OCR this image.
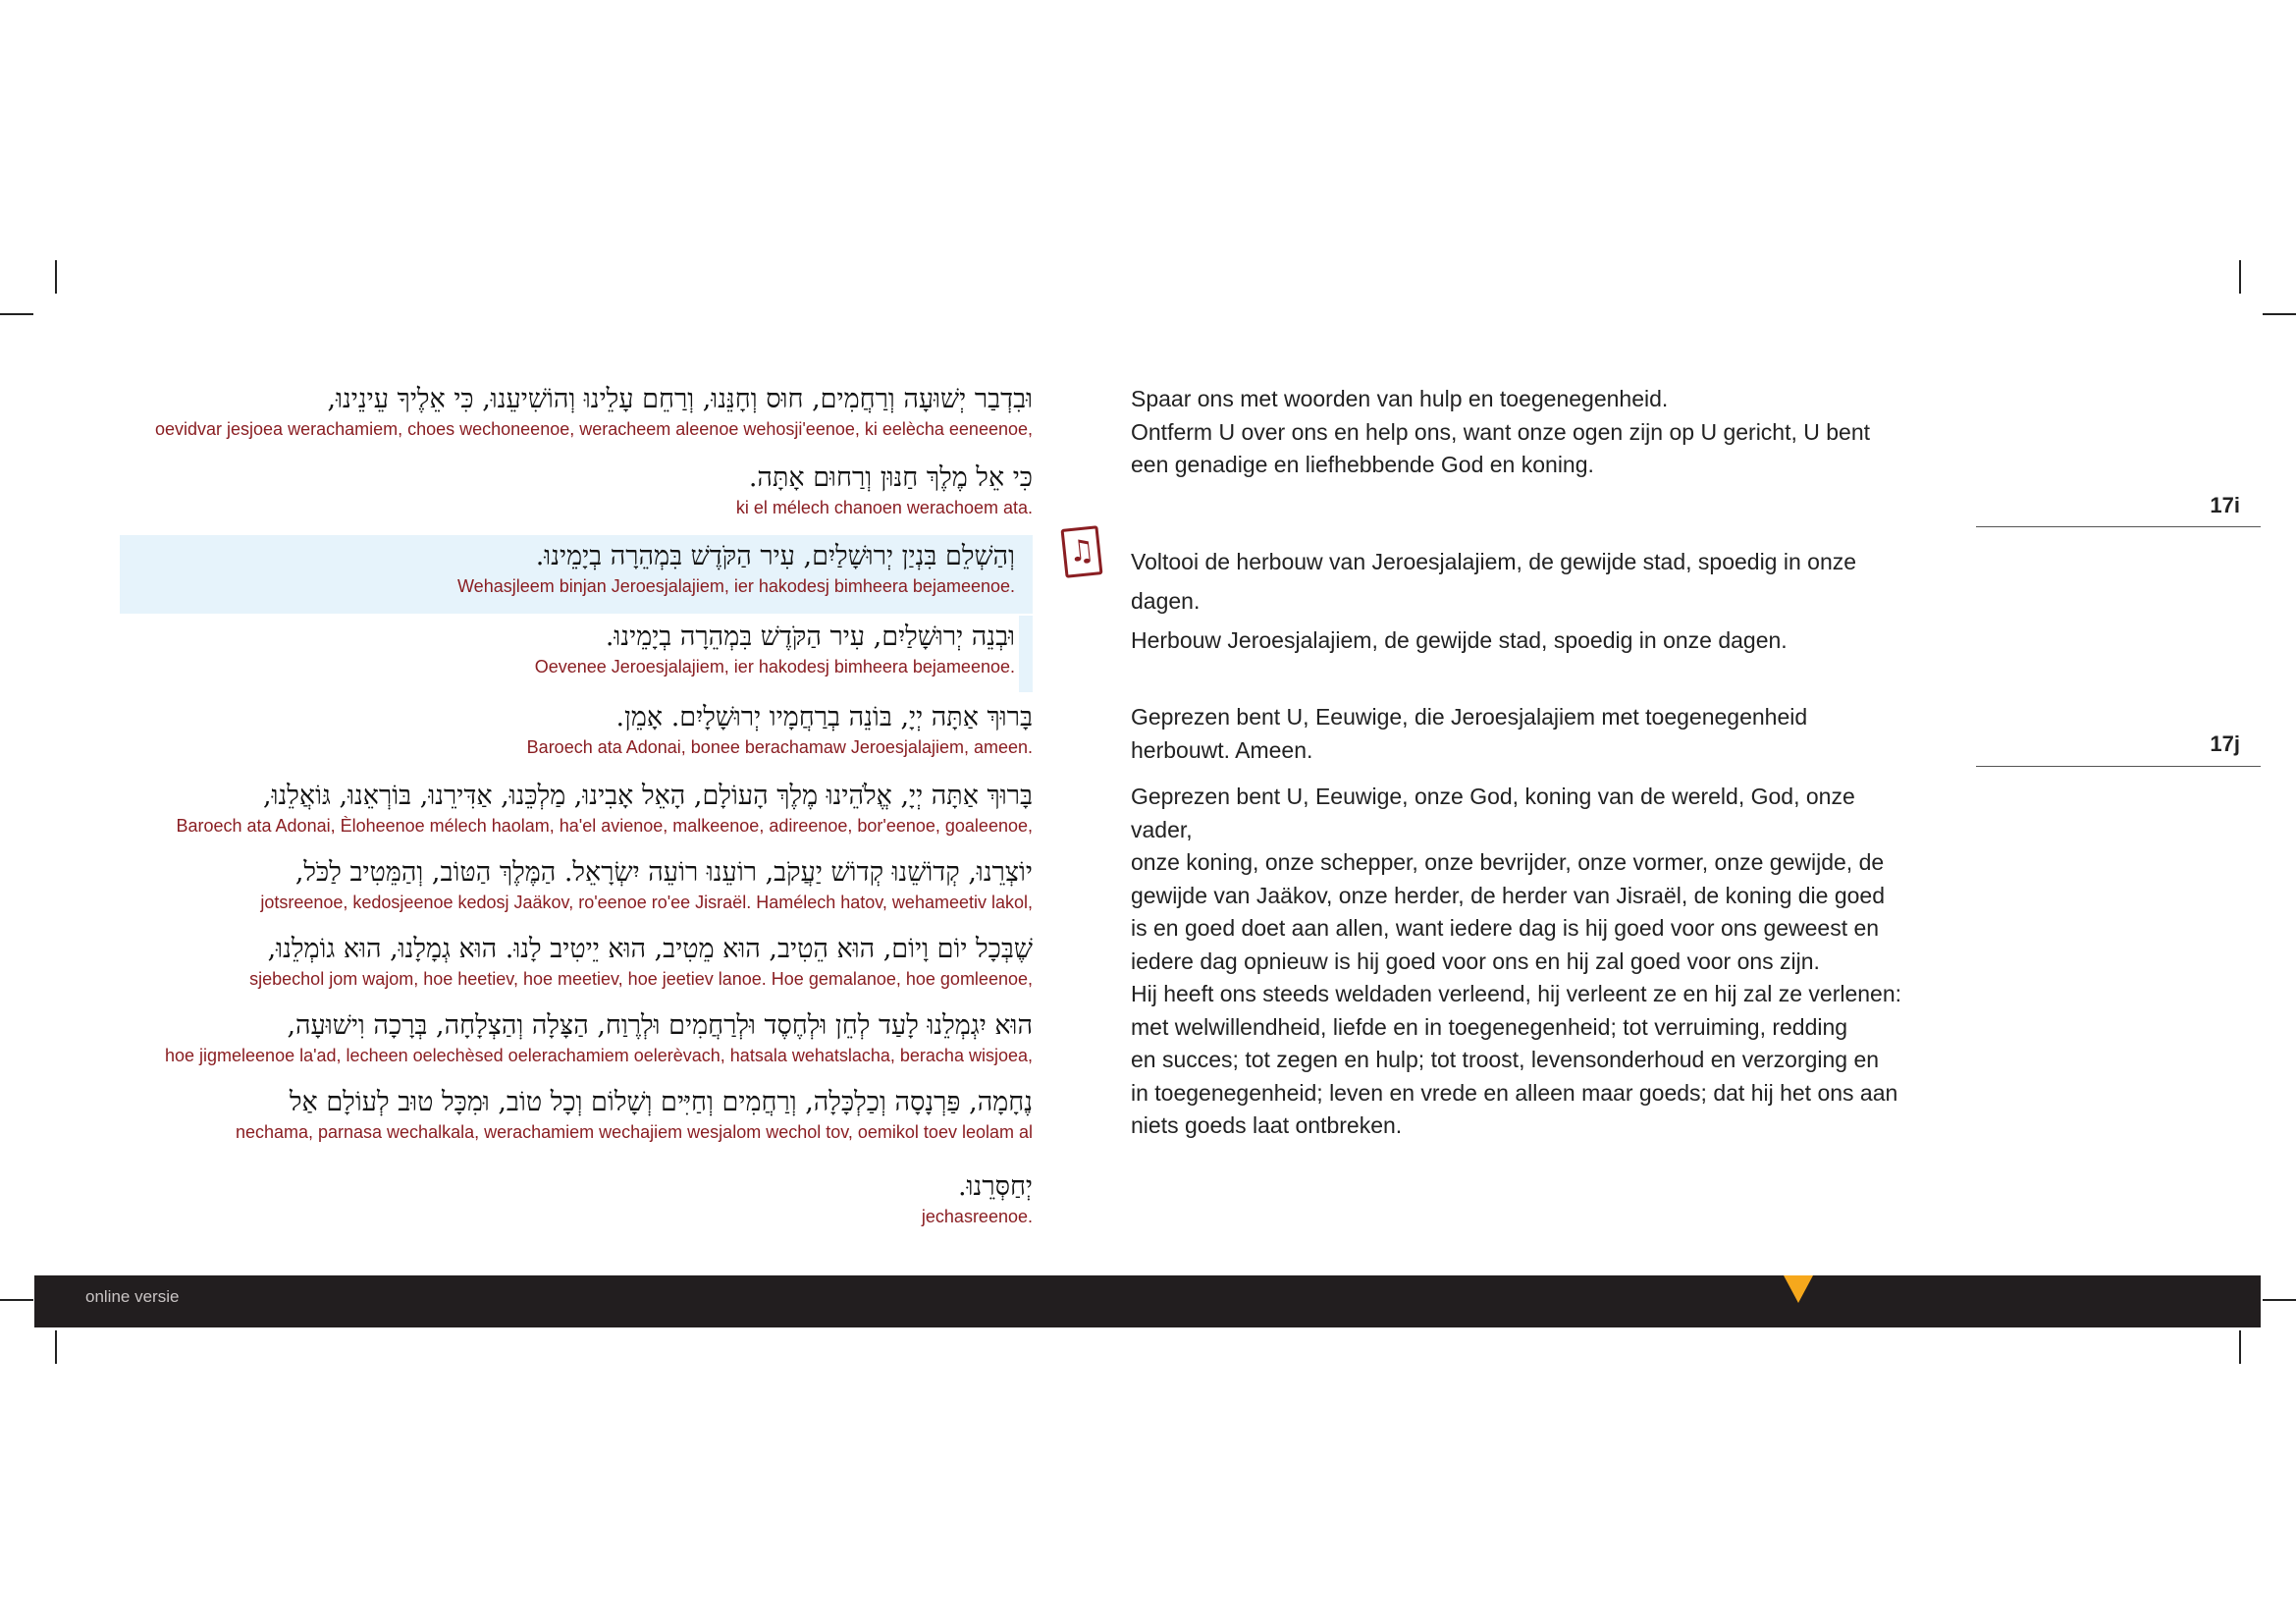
וּבִדְבַר יְשׁוּעָה וְרַחֲמִים, חוּס וְחָנֵּנוּ, וְרַחֵם עָלֵינוּ וְהוֹשִׁיעֵנוּ, כִּי אֵלֶיךָ עֵינֵינוּ,
oevidvar jesjoea werachamiem, choes wechoneenoe, weracheem aleenoe wehosji'eenoe, ki eelècha eeneenoe,
כִּי אֵל מֶלֶךְ חַנּוּן וְרַחוּם אָתָּה.
ki el mélech chanoen werachoem ata.
וְהַשְׁלֵם בִּנְיַן יְרוּשָׁלַיִם, עִיר הַקֹּדֶשׁ בִּמְהֵרָה בְיָמֵינוּ.
Wehasjleem binjan Jeroesjalajiem, ier hakodesj bimheera bejameenoe.
וּבְנֵה יְרוּשָׁלַיִם, עִיר הַקֹּדֶשׁ בִּמְהֵרָה בְיָמֵינוּ.
Oevenee Jeroesjalajiem, ier hakodesj bimheera bejameenoe.
בָּרוּךְ אַתָּה יְיָ, בּוֹנֵה בְרַחֲמָיו יְרוּשָׁלָיִם. אָמֵן.
Baroech ata Adonai, bonee berachamaw Jeroesjalajiem, ameen.
בָּרוּךְ אַתָּה יְיָ, אֱלֹהֵינוּ מֶלֶךְ הָעוֹלָם, הָאֵל אָבִינוּ, מַלְכֵּנוּ, אַדִּירֵנוּ, בּוֹרְאֵנוּ, גּוֹאֲלֵנוּ,
Baroech ata Adonai, Èloheenoe mélech haolam, ha'el avienoe, malkeenoe, adireenoe, bor'eenoe, goaleenoe,
יוֹצְרֵנוּ, קְדוֹשֵׁנוּ קְדוֹשׁ יַעֲקֹב, רוֹעֵנוּ רוֹעֵה יִשְׂרָאֵל. הַמֶּלֶךְ הַטּוֹב, וְהַמֵּטִיב לַכֹּל,
jotsreenoe, kedosjeenoe kedosj Jaäkov, ro'eenoe ro'ee Jisraël. Hamélech hatov, wehameetiv lakol,
שֶׁבְּכָל יוֹם וָיוֹם, הוּא הֵטִיב, הוּא מֵטִיב, הוּא יֵיטִיב לָנוּ. הוּא גְמָלָנוּ, הוּא גוֹמְלֵנוּ,
sjebechol jom wajom, hoe heetiev, hoe meetiev, hoe jeetiev lanoe. Hoe gemalanoe, hoe gomleenoe,
הוּא יִגְמְלֵנוּ לָעַד לְחֵן וּלְחֶסֶד וּלְרַחֲמִים וּלְרֶוַח, הַצָּלָה וְהַצְלָחָה, בְּרָכָה וִישׁוּעָה,
hoe jigmeleenoe la'ad, lecheen oelechèsed oelerachamiem oelerèvach, hatsala wehatslacha, beracha wisjoea,
נֶחָמָה, פַּרְנָסָה וְכַלְכָּלָה, וְרַחֲמִים וְחַיִּים וְשָׁלוֹם וְכָל טוֹב, וּמִכָּל טוּב לְעוֹלָם אַל
nechama, parnasa wechalkala, werachamiem wechajiem wesjalom wechol tov, oemikol toev leolam al
יְחַסְּרֵנוּ.
jechasreenoe.
♫
Spaar ons met woorden van hulp en toegenegenheid.
Ontferm U over ons en help ons, want onze ogen zijn op U gericht, U bent
een genadige en liefhebbende God en koning.
Voltooi de herbouw van Jeroesjalajiem, de gewijde stad, spoedig in onze
dagen.
Herbouw Jeroesjalajiem, de gewijde stad, spoedig in onze dagen.
Geprezen bent U, Eeuwige, die Jeroesjalajiem met toegenegenheid
herbouwt. Ameen.
Geprezen bent U, Eeuwige, onze God, koning van de wereld, God, onze vader,
onze koning, onze schepper, onze bevrijder, onze vormer, onze gewijde, de
gewijde van Jaäkov, onze herder, de herder van Jisraël, de koning die goed
is en goed doet aan allen, want iedere dag is hij goed voor ons geweest en
iedere dag opnieuw is hij goed voor ons en hij zal goed voor ons zijn.
Hij heeft ons steeds weldaden verleend, hij verleent ze en hij zal ze verlenen:
met welwillendheid, liefde en in toegenegenheid; tot verruiming, redding
en succes; tot zegen en hulp; tot troost, levensonderhoud en verzorging en
in toegenegenheid; leven en vrede en alleen maar goeds; dat hij het ons aan
niets goeds laat ontbreken.
17i
17j
online versie
